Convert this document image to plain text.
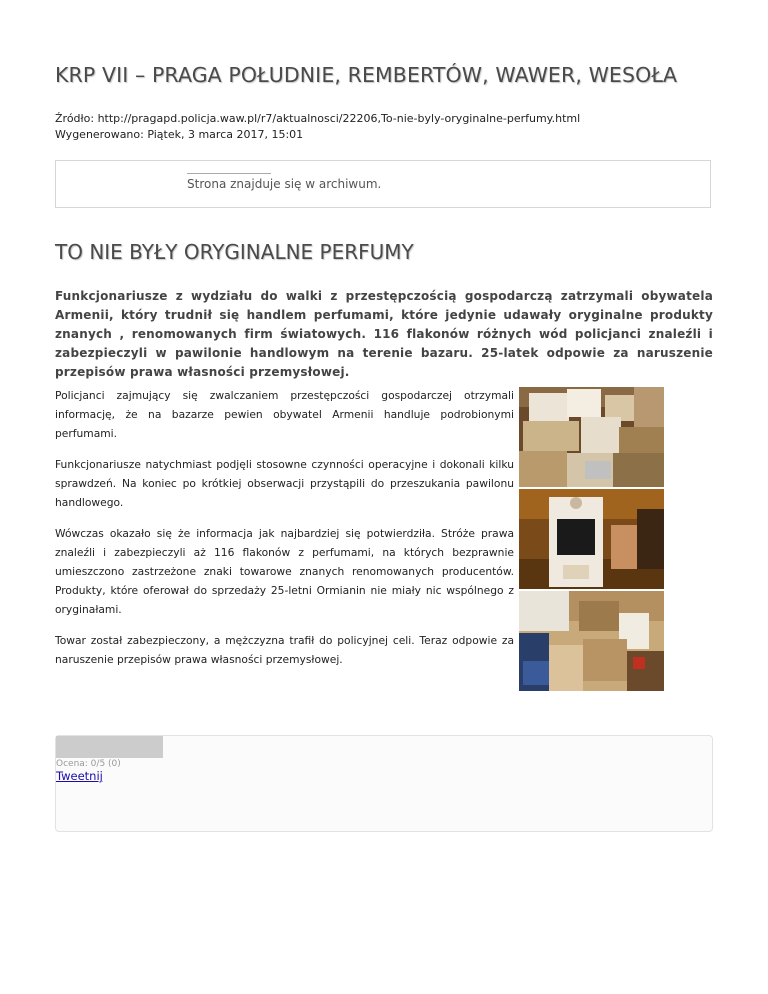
KRP VII – PRAGA POŁUDNIE, REMBERTÓW, WAWER, WESOŁA
Źródło: http://pragapd.policja.waw.pl/r7/aktualnosci/22206,To-nie-byly-oryginalne-perfumy.html
Wygenerowano: Piątek, 3 marca 2017, 15:01
Strona znajduje się w archiwum.
TO NIE BYŁY ORYGINALNE PERFUMY

Funkcjonariusze z wydziału do walki z przestępczością gospodarczą zatrzymali obywatela Armenii, który trudnił się handlem perfumami, które jedynie udawały oryginalne produkty znanych , renomowanych firm światowych. 116 flakonów różnych wód policjanci znaleźli i zabezpieczyli w pawilonie handlowym na terenie bazaru. 25-latek odpowie za naruszenie przepisów prawa własności przemysłowej.

Policjanci zajmujący się zwalczaniem przestępczości gospodarczej otrzymali informację, że na bazarze pewien obywatel Armenii handluje podrobionymi perfumami.

Funkcjonariusze natychmiast podjęli stosowne czynności operacyjne i dokonali kilku sprawdzeń. Na koniec po krótkiej obserwacji przystąpili do przeszukania pawilonu handlowego.

Wówczas okazało się że informacja jak najbardziej się potwierdziła. Stróże prawa znaleźli i zabezpieczyli aż 116 flakonów z perfumami, na których bezprawnie umieszczono zastrzeżone znaki towarowe znanych renomowanych producentów. Produkty, które oferował do sprzedaży 25-letni Ormianin nie miały nic wspólnego z oryginałami.

Towar został zabezpieczony, a mężczyzna trafił do policyjnej celi. Teraz odpowie za naruszenie przepisów prawa własności przemysłowej.

Ocena: 0/5 (0)
Tweetnij
